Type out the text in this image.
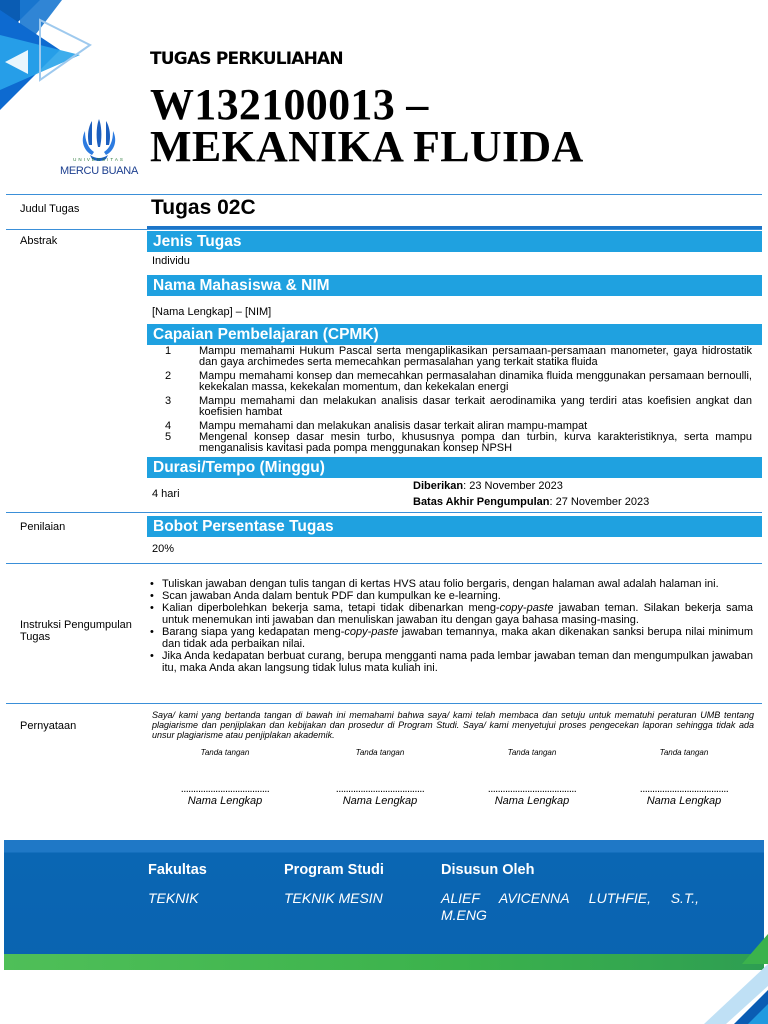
TUGAS PERKULIAHAN
W132100013 –
MEKANIKA FLUIDA
UNIVERSITAS
MERCU BUANA
Judul Tugas	Tugas 02C
Abstrak	Jenis Tugas
Individu
Nama Mahasiswa & NIM
[Nama Lengkap] – [NIM]
Capaian Pembelajaran (CPMK)
1	Mampu memahami Hukum Pascal serta mengaplikasikan persamaan-persamaan manometer, gaya hidrostatik dan gaya archimedes serta memecahkan permasalahan yang terkait statika fluida
2	Mampu memahami konsep dan memecahkan permasalahan dinamika fluida menggunakan persamaan bernoulli, kekekalan massa, kekekalan momentum, dan kekekalan energi
3	Mampu memahami dan melakukan analisis dasar terkait aerodinamika yang terdiri atas koefisien angkat dan koefisien hambat
4	Mampu memahami dan melakukan analisis dasar terkait aliran mampu-mampat
5	Mengenal konsep dasar mesin turbo, khususnya pompa dan turbin, kurva karakteristiknya, serta mampu menganalisis kavitasi pada pompa menggunakan konsep NPSH
Durasi/Tempo (Minggu)
4 hari
Diberikan: 23 November 2023
Batas Akhir Pengumpulan: 27 November 2023
Penilaian	Bobot Persentase Tugas
20%
Instruksi Pengumpulan Tugas
• Tuliskan jawaban dengan tulis tangan di kertas HVS atau folio bergaris, dengan halaman awal adalah halaman ini.
• Scan jawaban Anda dalam bentuk PDF dan kumpulkan ke e-learning.
• Kalian diperbolehkan bekerja sama, tetapi tidak dibenarkan meng-copy-paste jawaban teman. Silakan bekerja sama untuk menemukan inti jawaban dan menuliskan jawaban itu dengan gaya bahasa masing-masing.
• Barang siapa yang kedapatan meng-copy-paste jawaban temannya, maka akan dikenakan sanksi berupa nilai minimum dan tidak ada perbaikan nilai.
• Jika Anda kedapatan berbuat curang, berupa mengganti nama pada lembar jawaban teman dan mengumpulkan jawaban itu, maka Anda akan langsung tidak lulus mata kuliah ini.
Pernyataan
Saya/ kami yang bertanda tangan di bawah ini memahami bahwa saya/ kami telah membaca dan setuju untuk mematuhi peraturan UMB tentang plagiarisme dan penjiplakan dan kebijakan dan prosedur di Program Studi. Saya/ kami menyetujui proses pengecekan laporan sehingga tidak ada unsur plagiarisme atau penjiplakan akademik.
Tanda tangan
....................................
Nama Lengkap
Tanda tangan
....................................
Nama Lengkap
Tanda tangan
....................................
Nama Lengkap
Tanda tangan
....................................
Nama Lengkap
Fakultas
TEKNIK
Program Studi
TEKNIK MESIN
Disusun Oleh
ALIEF AVICENNA LUTHFIE, S.T., M.ENG
